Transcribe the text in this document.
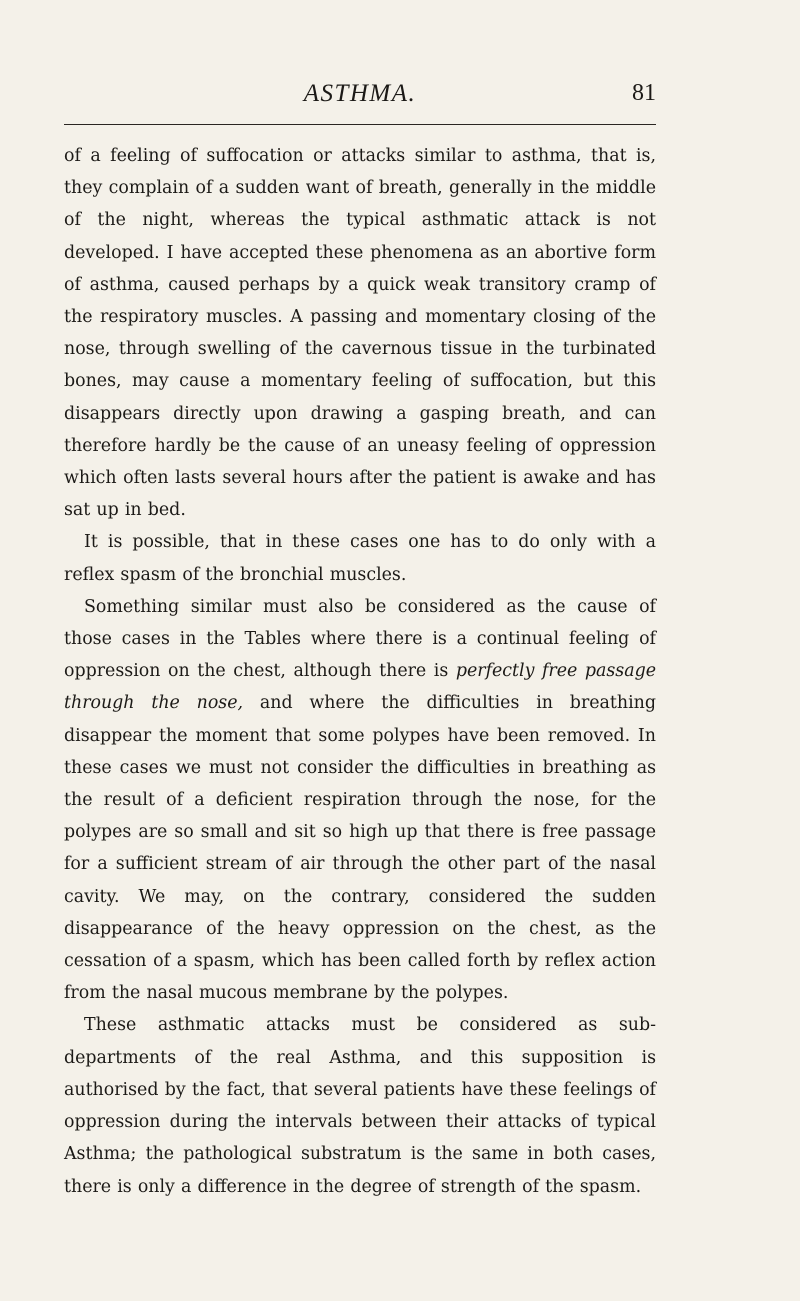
ASTHMA.	81

of a feeling of suffocation or attacks similar to asthma, that is, they complain of a sudden want of breath, generally in the middle of the night, whereas the typical asthmatic attack is not developed. I have accepted these phenomena as an abortive form of asthma, caused perhaps by a quick weak transitory cramp of the respiratory muscles. A passing and momentary closing of the nose, through swelling of the cavernous tissue in the turbinated bones, may cause a momentary feeling of suffocation, but this disappears directly upon drawing a gasping breath, and can therefore hardly be the cause of an uneasy feeling of oppression which often lasts several hours after the patient is awake and has sat up in bed.

It is possible, that in these cases one has to do only with a reflex spasm of the bronchial muscles.

Something similar must also be considered as the cause of those cases in the Tables where there is a continual feeling of oppression on the chest, although there is perfectly free passage through the nose, and where the difficulties in breathing disappear the moment that some polypes have been removed. In these cases we must not consider the difficulties in breathing as the result of a deficient respiration through the nose, for the polypes are so small and sit so high up that there is free passage for a sufficient stream of air through the other part of the nasal cavity. We may, on the contrary, considered the sudden disappearance of the heavy oppression on the chest, as the cessation of a spasm, which has been called forth by reflex action from the nasal mucous membrane by the polypes.

These asthmatic attacks must be considered as sub-departments of the real Asthma, and this supposition is authorised by the fact, that several patients have these feelings of oppression during the intervals between their attacks of typical Asthma; the pathological substratum is the same in both cases, there is only a difference in the degree of strength of the spasm.
